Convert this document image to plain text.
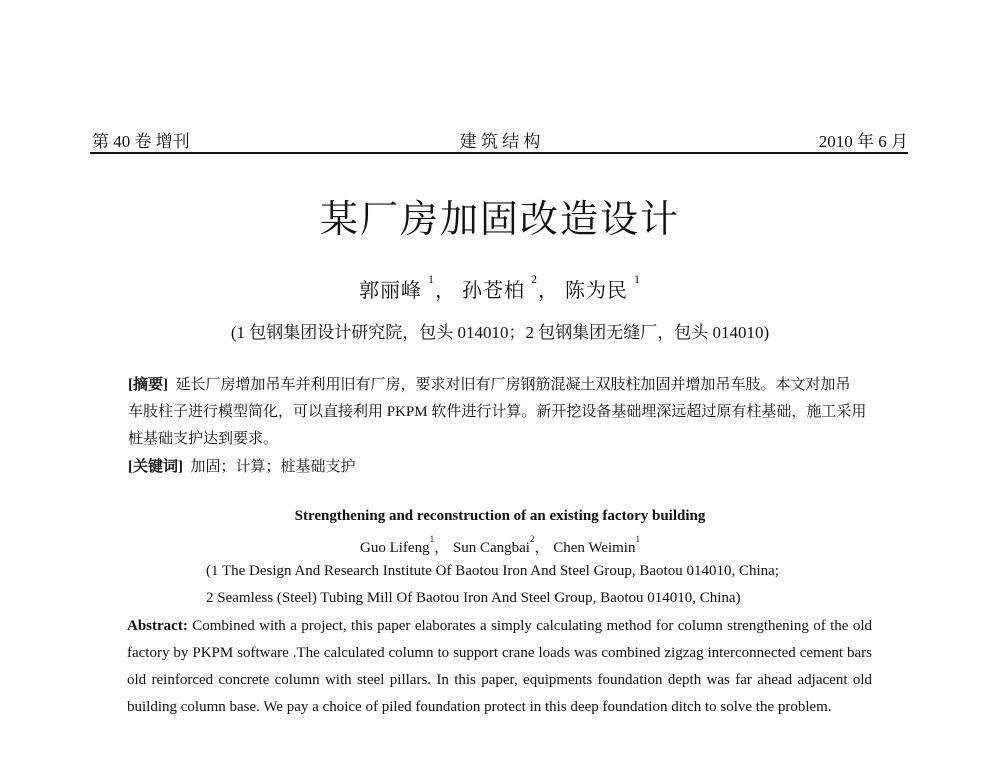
第 40 卷 增刊	建 筑 结 构	2010 年 6 月
某厂房加固改造设计
郭丽峰 $^1$， 孙苍柏 $^2$， 陈为民 $^1$
(1 包钢集团设计研究院，包头 014010；2 包钢集团无缝厂，包头 014010)
[摘要] 延长厂房增加吊车并利用旧有厂房，要求对旧有厂房钢筋混凝土双肢柱加固并增加吊车肢。本文对加吊
车肢柱子进行模型简化，可以直接利用 PKPM 软件进行计算。新开挖设备基础埋深远超过原有柱基础，施工采用
桩基础支护达到要求。
[关键词] 加固；计算；桩基础支护
Strengthening and reconstruction of an existing factory building
Guo Lifeng$^1$， Sun Cangbai$^2$， Chen Weimin$^1$
(1 The Design And Research Institute Of Baotou Iron And Steel Group, Baotou 014010, China;
2 Seamless (Steel) Tubing Mill Of Baotou Iron And Steel Group, Baotou 014010, China)
Abstract: Combined with a project, this paper elaborates a simply calculating method for column strengthening of the old factory by PKPM software .The calculated column to support crane loads was combined zigzag interconnected cement bars old reinforced concrete column with steel pillars. In this paper, equipments foundation depth was far ahead adjacent old building column base. We pay a choice of piled foundation protect in this deep foundation ditch to solve the problem.
